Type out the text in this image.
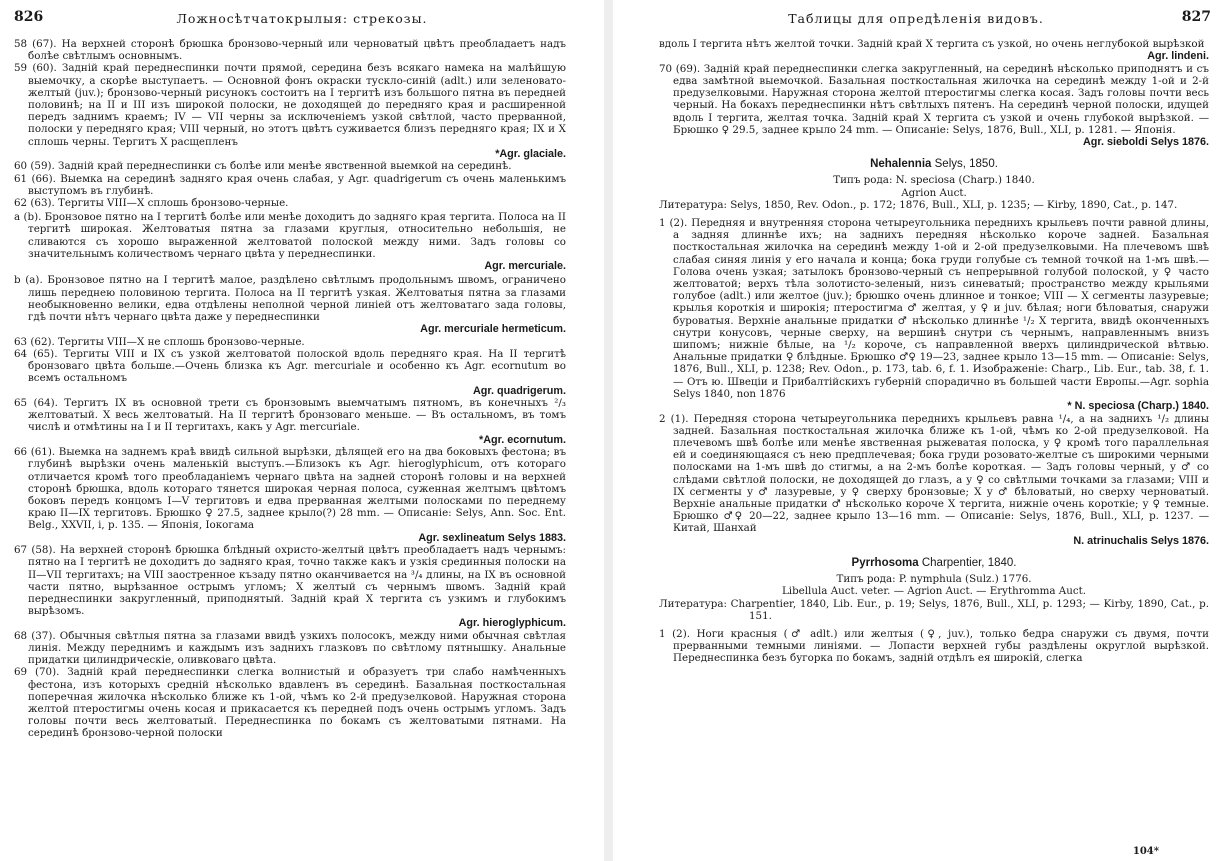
826	Ложносѣтчатокрылыя: стрекозы.

58 (67). На верхней сторонѣ брюшка бронзово-черный или черноватый цвѣтъ преобладаетъ надъ болѣе свѣтлымъ основнымъ.

59 (60). Задній край переднеспинки почти прямой, середина безъ всякаго намека на малѣйшую выемочку, а скорѣе выступаетъ. — Основной фонъ окраски тускло-синій (adlt.) или зеленовато-желтый (juv.); бронзово-черный рисунокъ состоитъ на I тергитѣ изъ большого пятна въ передней половинѣ; на II и III изъ широкой полоски, не доходящей до передняго края и расширенной передъ заднимъ краемъ; IV — VII черны за исключеніемъ узкой свѣтлой, часто прерванной, полоски у передняго края; VIII черный, но этотъ цвѣтъ суживается близъ передняго края; IX и X сплошь черны. Тергитъ X расщепленъ

*Agr. glaciale.

60 (59). Задній край переднеспинки съ болѣе или менѣе явственной выемкой на серединѣ.

61 (66). Выемка на серединѣ задняго края очень слабая, у Agr. quadrigerum съ очень маленькимъ выступомъ въ глубинѣ.

62 (63). Тергиты VIII—X сплошь бронзово-черные.

a (b). Бронзовое пятно на I тергитѣ болѣе или менѣе доходитъ до задняго края тергита. Полоса на II тергитѣ широкая. Желтоватыя пятна за глазами круглыя, относительно небольшія, не сливаются съ хорошо выраженной желтоватой полоской между ними. Задъ головы со значительнымъ количествомъ чернаго цвѣта у переднеспинки.

Agr. mercuriale.

b (a). Бронзовое пятно на I тергитѣ малое, раздѣлено свѣтлымъ продольнымъ швомъ, ограничено лишь переднею половиною тергита. Полоса на II тергитѣ узкая. Желтоватыя пятна за глазами необыкновенно велики, едва отдѣлены неполной черной линіей отъ желтоватаго зада головы, гдѣ почти нѣтъ чернаго цвѣта даже у переднеспинки

Agr. mercuriale hermeticum.

63 (62). Тергиты VIII—X не сплошь бронзово-черные.

64 (65). Тергиты VIII и IX съ узкой желтоватой полоской вдоль передняго края. На II тергитѣ бронзоваго цвѣта больше.—Очень близка къ Agr. mercuriale и особенно къ Agr. ecornutum во всемъ остальномъ

Agr. quadrigerum.

65 (64). Тергитъ IX въ основной трети съ бронзовымъ выемчатымъ пятномъ, въ конечныхъ ²/₃ желтоватый. X весь желтоватый. На II тергитѣ бронзоваго меньше. — Въ остальномъ, въ томъ числѣ и отмѣтины на I и II тергитахъ, какъ у Agr. mercuriale.

*Agr. ecornutum.

66 (61). Выемка на заднемъ краѣ ввидѣ сильной вырѣзки, дѣлящей его на два боковыхъ фестона; въ глубинѣ вырѣзки очень маленькій выступъ.—Близокъ къ Agr. hieroglyphicum, отъ котораго отличается кромѣ того преобладаніемъ чернаго цвѣта на задней сторонѣ головы и на верхней сторонѣ брюшка, вдоль котораго тянется широкая черная полоса, суженная желтымъ цвѣтомъ боковъ передъ концомъ I—V тергитовъ и едва прерванная желтыми полосками по переднему краю II—IX тергитовъ. Брюшко ♀ 27.5, заднее крыло(?) 28 mm. — Описаніе: Selys, Ann. Soc. Ent. Belg., XXVII, i, p. 135. — Японія, Іокогама

Agr. sexlineatum Selys 1883.

67 (58). На верхней сторонѣ брюшка блѣдный охристо-желтый цвѣтъ преобладаетъ надъ чернымъ: пятно на I тергитѣ не доходитъ до задняго края, точно также какъ и узкія срединныя полоски на II—VII тергитахъ; на VIII заостренное къзаду пятно оканчивается на ³/₄ длины, на IX въ основной части пятно, вырѣзанное острымъ угломъ; X желтый съ чернымъ швомъ. Задній край переднеспинки закругленный, приподнятый. Задній край X тергита съ узкимъ и глубокимъ вырѣзомъ.

Agr. hieroglyphicum.

68 (37). Обычныя свѣтлыя пятна за глазами ввидѣ узкихъ полосокъ, между ними обычная свѣтлая линія. Между переднимъ и каждымъ изъ заднихъ глазковъ по свѣтлому пятнышку. Анальные придатки цилиндрическіе, оливковаго цвѣта.

69 (70). Задній край переднеспинки слегка волнистый и образуетъ три слабо намѣченныхъ фестона, изъ которыхъ средній нѣсколько вдавленъ въ серединѣ. Базальная посткостальная поперечная жилочка нѣсколько ближе къ 1-ой, чѣмъ ко 2-й предузелковой. Наружная сторона желтой птеростигмы очень косая и прикасается къ передней подъ очень острымъ угломъ. Задъ головы почти весь желтоватый. Переднеспинка по бокамъ съ желтоватыми пятнами. На серединѣ бронзово-черной полоски

Таблицы для опредѣленія видовъ.	827

вдоль I тергита нѣтъ желтой точки. Задній край X тергита съ узкой, но очень неглубокой вырѣзкой

Agr. lindeni.

70 (69). Задній край переднеспинки слегка закругленный, на серединѣ нѣсколько приподнятъ и съ едва замѣтной выемочкой. Базальная посткостальная жилочка на серединѣ между 1-ой и 2-й предузелковыми. Наружная сторона желтой птеростигмы слегка косая. Задъ головы почти весь черный. На бокахъ переднеспинки нѣтъ свѣтлыхъ пятенъ. На серединѣ черной полоски, идущей вдоль I тергита, желтая точка. Задній край X тергита съ узкой и очень глубокой вырѣзкой. — Брюшко ♀ 29.5, заднее крыло 24 mm. — Описаніе: Selys, 1876, Bull., XLI, p. 1281. — Японія.

Agr. sieboldi Selys 1876.
Nehalennia Selys, 1850.

Типъ рода: N. speciosa (Charp.) 1840.

Agrion Auct.

Литература: Selys, 1850, Rev. Odon., p. 172; 1876, Bull., XLI, p. 1235; — Kirby, 1890, Cat., p. 147.

1 (2). Передняя и внутренняя сторона четыреугольника переднихъ крыльевъ почти равной длины, а задняя длиннѣе ихъ; на заднихъ передняя нѣсколько короче задней. Базальная посткостальная жилочка на серединѣ между 1-ой и 2-ой предузелковыми. На плечевомъ швѣ слабая синяя линія у его начала и конца; бока груди голубые съ темной точкой на 1-мъ швѣ.—Голова очень узкая; затылокъ бронзово-черный съ непрерывной голубой полоской, у ♀ часто желтоватой; верхъ тѣла золотисто-зеленый, низъ синеватый; пространство между крыльями голубое (adlt.) или желтое (juv.); брюшко очень длинное и тонкое; VIII — X сегменты лазуревые; крылья короткія и широкія; птеростигма ♂ желтая, у ♀ и juv. бѣлая; ноги бѣловатыя, снаружи буроватыя. Верхніе анальные придатки ♂ нѣсколько длиннѣе ¹/₂ X тергита, ввидѣ оконченныхъ снутри конусовъ, черные сверху, на вершинѣ снутри съ чернымъ, направленнымъ внизъ шипомъ; нижніе бѣлые, на ¹/₂ короче, съ направленной вверхъ цилиндрической вѣтвью. Анальные придатки ♀ блѣдные. Брюшко ♂♀ 19—23, заднее крыло 13—15 mm. — Описаніе: Selys, 1876, Bull., XLI, p. 1238; Rev. Odon., p. 173, tab. 6, f. 1. Изображеніе: Charp., Lib. Eur., tab. 38, f. 1. — Отъ ю. Швеціи и Прибалтійскихъ губерній спорадично въ большей части Европы.—Agr. sophia Selys 1840, non 1876

* N. speciosa (Charp.) 1840.

2 (1). Передняя сторона четыреугольника переднихъ крыльевъ равна ¹/₄, а на заднихъ ¹/₂ длины задней. Базальная посткостальная жилочка ближе къ 1-ой, чѣмъ ко 2-ой предузелковой. На плечевомъ швѣ болѣе или менѣе явственная рыжеватая полоска, у ♀ кромѣ того параллельная ей и соединяющаяся съ нею предплечевая; бока груди розовато-желтые съ широкими черными полосками на 1-мъ швѣ до стигмы, а на 2-мъ болѣе короткая. — Задъ головы черный, у ♂ со слѣдами свѣтлой полоски, не доходящей до глазъ, а у ♀ со свѣтлыми точками за глазами; VIII и IX сегменты у ♂ лазуревые, у ♀ сверху бронзовые; X у ♂ бѣловатый, но сверху черноватый. Верхніе анальные придатки ♂ нѣсколько короче X тергита, нижніе очень короткіе; у ♀ темные. Брюшко ♂♀ 20—22, заднее крыло 13—16 mm. — Описаніе: Selys, 1876, Bull., XLI, p. 1237. — Китай, Шанхай

N. atrinuchalis Selys 1876.
Pyrrhosoma Charpentier, 1840.

Типъ рода: P. nymphula (Sulz.) 1776.

Libellula Auct. veter. — Agrion Auct. — Erythromma Auct.

Литература: Charpentier, 1840, Lib. Eur., p. 19; Selys, 1876, Bull., XLI, p. 1293; — Kirby, 1890, Cat., p. 151.

1 (2). Ноги красныя (♂ adlt.) или желтыя (♀, juv.), только бедра снаружи съ двумя, почти прерванными темными линіями. — Лопасти верхней губы раздѣлены округлой вырѣзкой. Переднеспинка безъ бугорка по бокамъ, задній отдѣлъ ея широкій, слегка

104*
